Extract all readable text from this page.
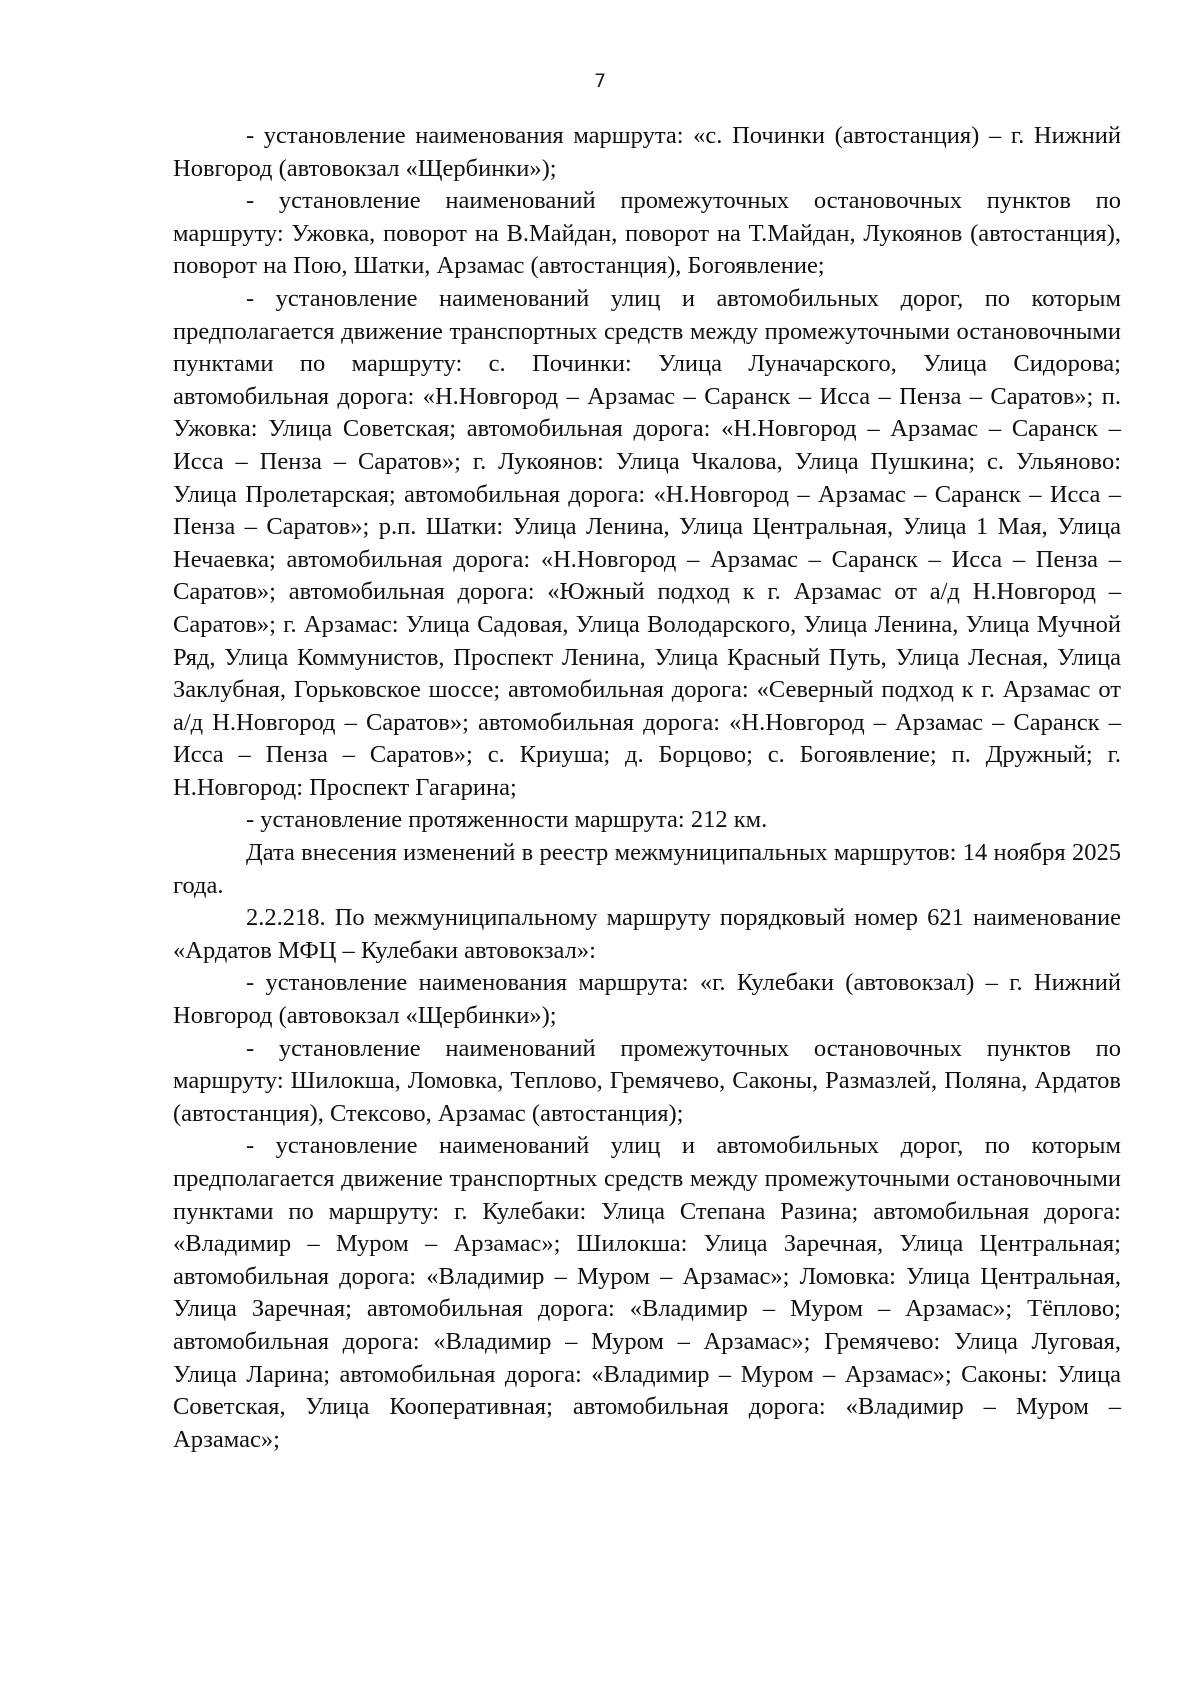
7

- установление наименования маршрута: «с. Починки (автостанция) – г. Нижний Новгород (автовокзал «Щербинки»);

- установление наименований промежуточных остановочных пунктов по маршруту: Ужовка, поворот на В.Майдан, поворот на Т.Майдан, Лукоянов (автостанция), поворот на Пою, Шатки, Арзамас (автостанция), Богоявление;

- установление наименований улиц и автомобильных дорог, по которым предполагается движение транспортных средств между промежуточными остановочными пунктами по маршруту: с. Починки: Улица Луначарского, Улица Сидорова; автомобильная дорога: «Н.Новгород – Арзамас – Саранск – Исса – Пенза – Саратов»; п. Ужовка: Улица Советская; автомобильная дорога: «Н.Новгород – Арзамас – Саранск – Исса – Пенза – Саратов»; г. Лукоянов: Улица Чкалова, Улица Пушкина; с. Ульяново: Улица Пролетарская; автомобильная дорога: «Н.Новгород – Арзамас – Саранск – Исса – Пенза – Саратов»; р.п. Шатки: Улица Ленина, Улица Центральная, Улица 1 Мая, Улица Нечаевка; автомобильная дорога: «Н.Новгород – Арзамас – Саранск – Исса – Пенза – Саратов»; автомобильная дорога: «Южный подход к г. Арзамас от а/д Н.Новгород – Саратов»; г. Арзамас: Улица Садовая, Улица Володарского, Улица Ленина, Улица Мучной Ряд, Улица Коммунистов, Проспект Ленина, Улица Красный Путь, Улица Лесная, Улица Заклубная, Горьковское шоссе; автомобильная дорога: «Северный подход к г. Арзамас от а/д Н.Новгород – Саратов»; автомобильная дорога: «Н.Новгород – Арзамас – Саранск – Исса – Пенза – Саратов»; с. Криуша; д. Борцово; с. Богоявление; п. Дружный; г. Н.Новгород: Проспект Гагарина;

- установление протяженности маршрута: 212 км.

Дата внесения изменений в реестр межмуниципальных маршрутов: 14 ноября 2025 года.

2.2.218. По межмуниципальному маршруту порядковый номер 621 наименование «Ардатов МФЦ – Кулебаки автовокзал»:

- установление наименования маршрута: «г. Кулебаки (автовокзал) – г. Нижний Новгород (автовокзал «Щербинки»);

- установление наименований промежуточных остановочных пунктов по маршруту: Шилокша, Ломовка, Теплово, Гремячево, Саконы, Размазлей, Поляна, Ардатов (автостанция), Стексово, Арзамас (автостанция);

- установление наименований улиц и автомобильных дорог, по которым предполагается движение транспортных средств между промежуточными остановочными пунктами по маршруту: г. Кулебаки: Улица Степана Разина; автомобильная дорога: «Владимир – Муром – Арзамас»; Шилокша: Улица Заречная, Улица Центральная; автомобильная дорога: «Владимир – Муром – Арзамас»; Ломовка: Улица Центральная, Улица Заречная; автомобильная дорога: «Владимир – Муром – Арзамас»; Тёплово; автомобильная дорога: «Владимир – Муром – Арзамас»; Гремячево: Улица Луговая, Улица Ларина; автомобильная дорога: «Владимир – Муром – Арзамас»; Саконы: Улица Советская, Улица Кооперативная; автомобильная дорога: «Владимир – Муром – Арзамас»;
